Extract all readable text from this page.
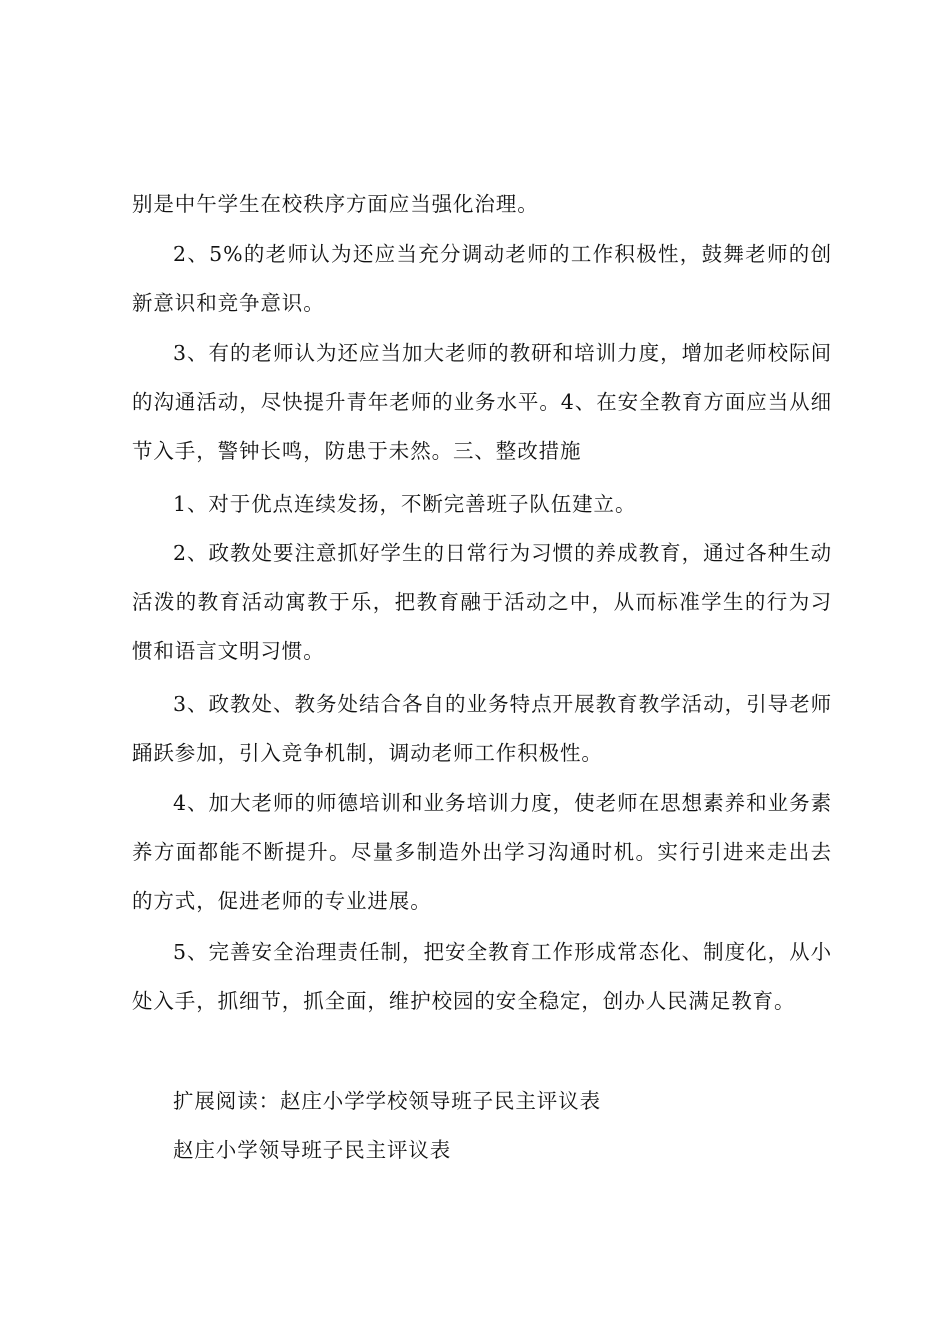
别是中午学生在校秩序方面应当强化治理。

2、5%的老师认为还应当充分调动老师的工作积极性，鼓舞老师的创新意识和竞争意识。

3、有的老师认为还应当加大老师的教研和培训力度，增加老师校际间的沟通活动，尽快提升青年老师的业务水平。4、在安全教育方面应当从细节入手，警钟长鸣，防患于未然。三、整改措施

1、对于优点连续发扬，不断完善班子队伍建立。

2、政教处要注意抓好学生的日常行为习惯的养成教育，通过各种生动活泼的教育活动寓教于乐，把教育融于活动之中，从而标准学生的行为习惯和语言文明习惯。

3、政教处、教务处结合各自的业务特点开展教育教学活动，引导老师踊跃参加，引入竞争机制，调动老师工作积极性。

4、加大老师的师德培训和业务培训力度，使老师在思想素养和业务素养方面都能不断提升。尽量多制造外出学习沟通时机。实行引进来走出去的方式，促进老师的专业进展。

5、完善安全治理责任制，把安全教育工作形成常态化、制度化，从小处入手，抓细节，抓全面，维护校园的安全稳定，创办人民满足教育。

扩展阅读：赵庄小学学校领导班子民主评议表

赵庄小学领导班子民主评议表
